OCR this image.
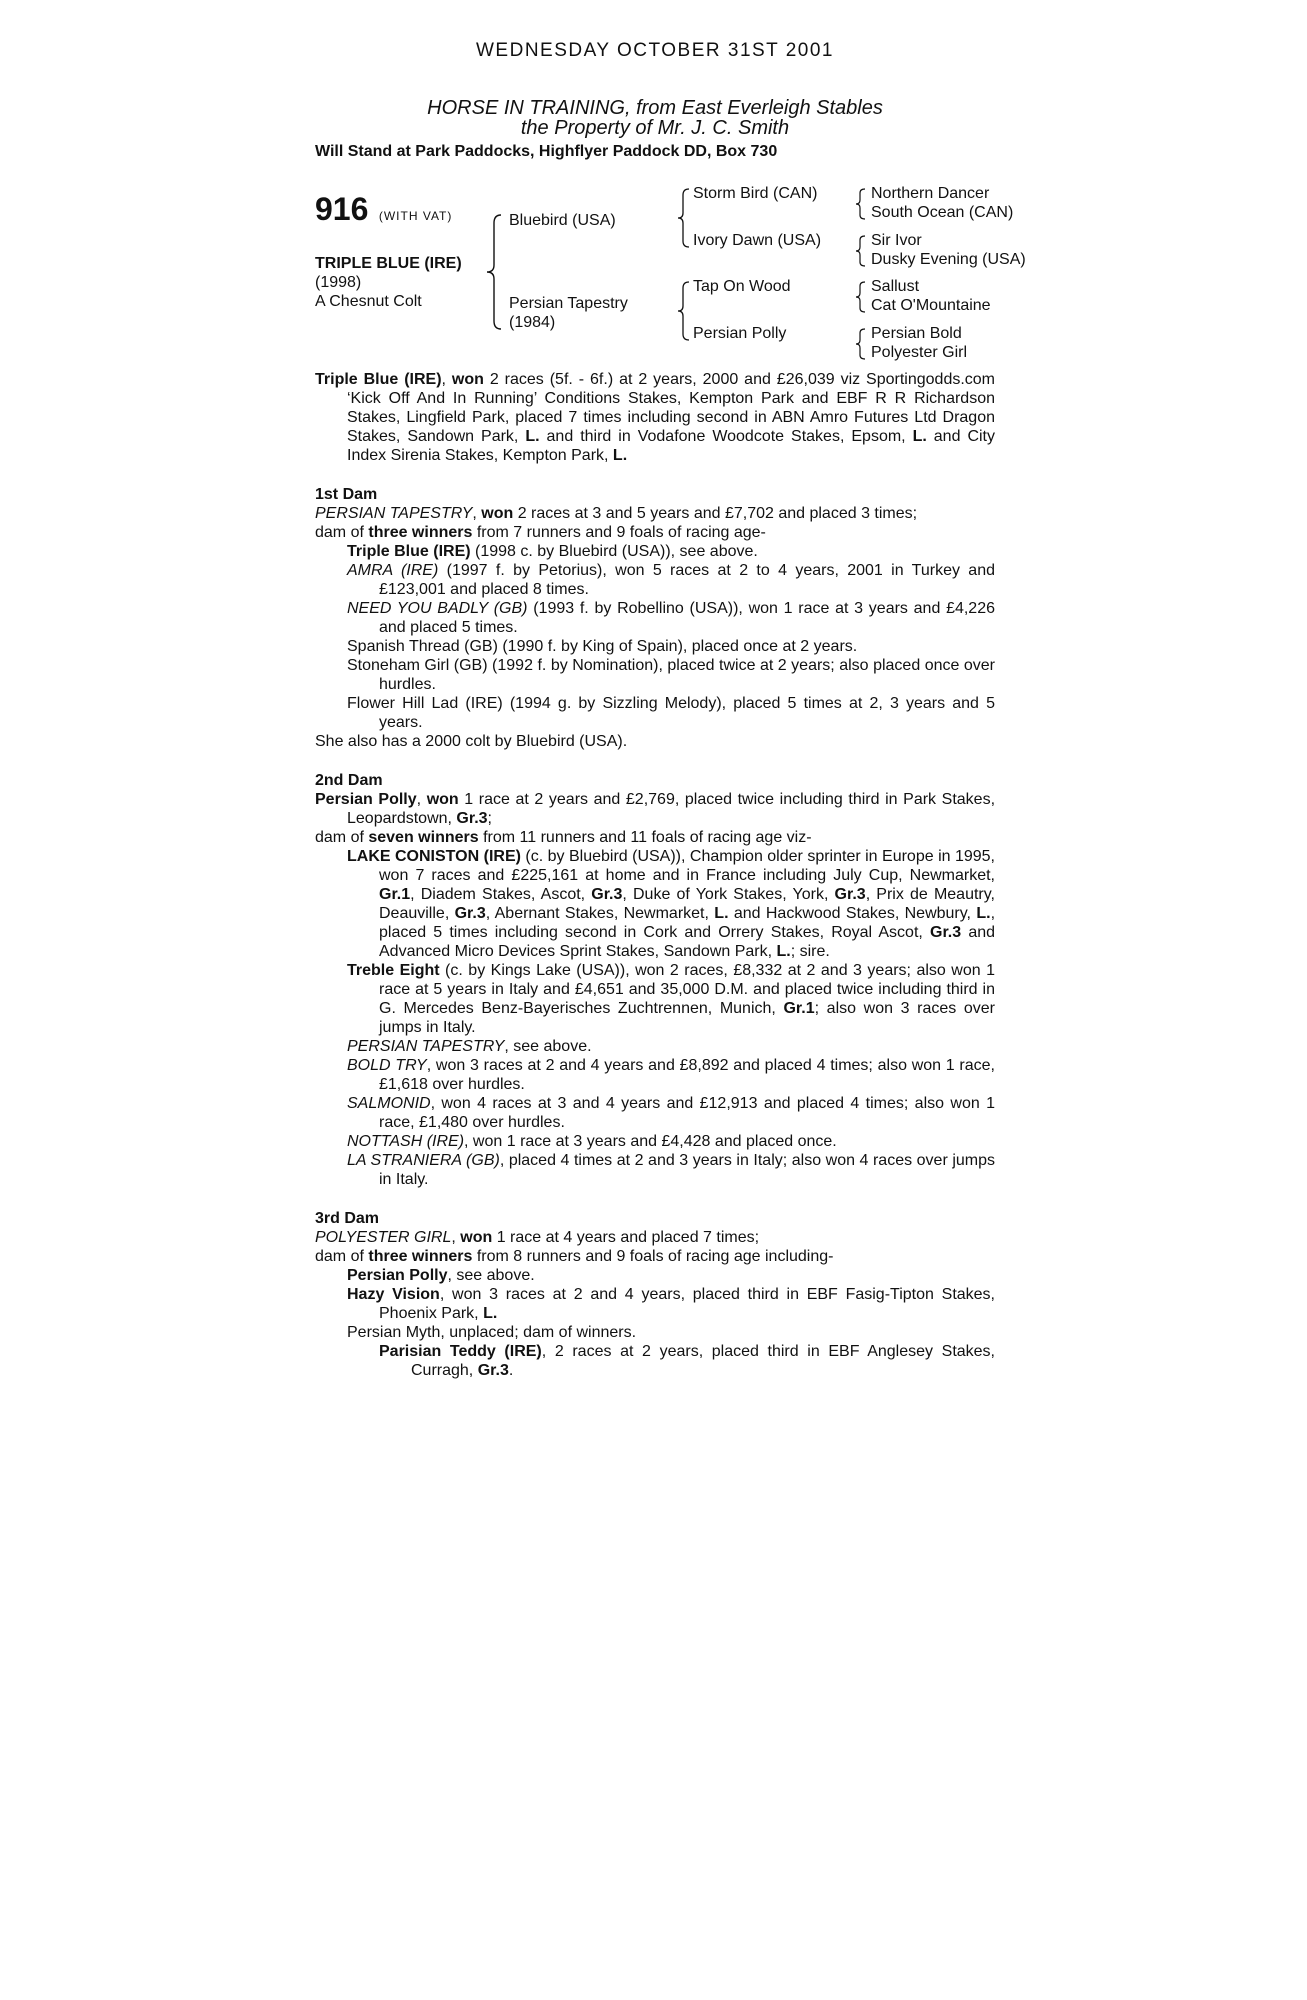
WEDNESDAY OCTOBER 31ST 2001
HORSE IN TRAINING, from East Everleigh Stables
the Property of Mr. J. C. Smith
Will Stand at Park Paddocks, Highflyer Paddock DD, Box 730
916 (WITH VAT)
TRIPLE BLUE (IRE)
(1998)
A Chesnut Colt
Bluebird (USA)
Persian Tapestry
(1984)
Storm Bird (CAN)
Ivory Dawn (USA)
Tap On Wood
Persian Polly
Northern Dancer
South Ocean (CAN)
Sir Ivor
Dusky Evening (USA)
Sallust
Cat O'Mountaine
Persian Bold
Polyester Girl
Triple Blue (IRE), won 2 races (5f. - 6f.) at 2 years, 2000 and £26,039 viz Sportingodds.com ‘Kick Off And In Running’ Conditions Stakes, Kempton Park and EBF R R Richardson Stakes, Lingfield Park, placed 7 times including second in ABN Amro Futures Ltd Dragon Stakes, Sandown Park, L. and third in Vodafone Woodcote Stakes, Epsom, L. and City Index Sirenia Stakes, Kempton Park, L.
1st Dam
PERSIAN TAPESTRY, won 2 races at 3 and 5 years and £7,702 and placed 3 times;
dam of three winners from 7 runners and 9 foals of racing age-
Triple Blue (IRE) (1998 c. by Bluebird (USA)), see above.
AMRA (IRE) (1997 f. by Petorius), won 5 races at 2 to 4 years, 2001 in Turkey and £123,001 and placed 8 times.
NEED YOU BADLY (GB) (1993 f. by Robellino (USA)), won 1 race at 3 years and £4,226 and placed 5 times.
Spanish Thread (GB) (1990 f. by King of Spain), placed once at 2 years.
Stoneham Girl (GB) (1992 f. by Nomination), placed twice at 2 years; also placed once over hurdles.
Flower Hill Lad (IRE) (1994 g. by Sizzling Melody), placed 5 times at 2, 3 years and 5 years.
She also has a 2000 colt by Bluebird (USA).
2nd Dam
Persian Polly, won 1 race at 2 years and £2,769, placed twice including third in Park Stakes, Leopardstown, Gr.3;
dam of seven winners from 11 runners and 11 foals of racing age viz-
LAKE CONISTON (IRE) (c. by Bluebird (USA)), Champion older sprinter in Europe in 1995, won 7 races and £225,161 at home and in France including July Cup, Newmarket, Gr.1, Diadem Stakes, Ascot, Gr.3, Duke of York Stakes, York, Gr.3, Prix de Meautry, Deauville, Gr.3, Abernant Stakes, Newmarket, L. and Hackwood Stakes, Newbury, L., placed 5 times including second in Cork and Orrery Stakes, Royal Ascot, Gr.3 and Advanced Micro Devices Sprint Stakes, Sandown Park, L.; sire.
Treble Eight (c. by Kings Lake (USA)), won 2 races, £8,332 at 2 and 3 years; also won 1 race at 5 years in Italy and £4,651 and 35,000 D.M. and placed twice including third in G. Mercedes Benz-Bayerisches Zuchtrennen, Munich, Gr.1; also won 3 races over jumps in Italy.
PERSIAN TAPESTRY, see above.
BOLD TRY, won 3 races at 2 and 4 years and £8,892 and placed 4 times; also won 1 race, £1,618 over hurdles.
SALMONID, won 4 races at 3 and 4 years and £12,913 and placed 4 times; also won 1 race, £1,480 over hurdles.
NOTTASH (IRE), won 1 race at 3 years and £4,428 and placed once.
LA STRANIERA (GB), placed 4 times at 2 and 3 years in Italy; also won 4 races over jumps in Italy.
3rd Dam
POLYESTER GIRL, won 1 race at 4 years and placed 7 times;
dam of three winners from 8 runners and 9 foals of racing age including-
Persian Polly, see above.
Hazy Vision, won 3 races at 2 and 4 years, placed third in EBF Fasig-Tipton Stakes, Phoenix Park, L.
Persian Myth, unplaced; dam of winners.
Parisian Teddy (IRE), 2 races at 2 years, placed third in EBF Anglesey Stakes, Curragh, Gr.3.
